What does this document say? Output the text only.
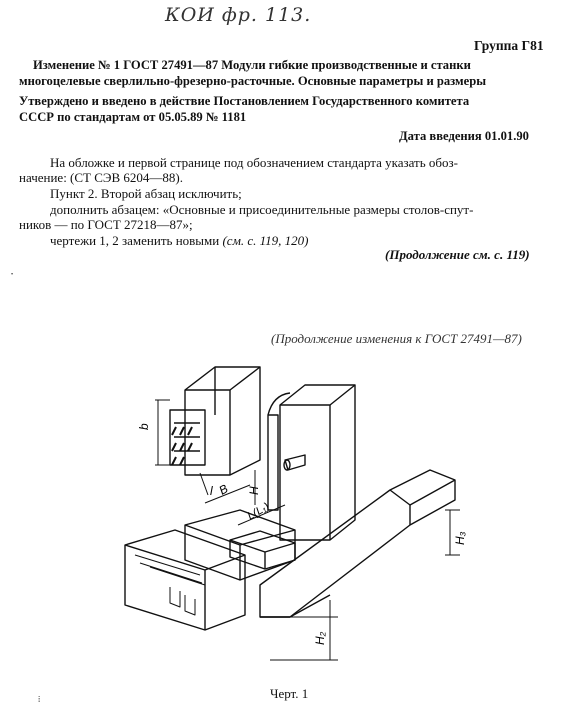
КОИ фр. 113.
Группа Г81
Изменение № 1 ГОСТ 27491—87 Модули гибкие производственные и станки
многоцелевые сверлильно-фрезерно-расточные. Основные параметры и размеры
Утверждено и введено в действие Постановлением Государственного комитета
СССР по стандартам от 05.05.89 № 1181
Дата введения 01.01.90
На обложке и первой странице под обозначением стандарта указать обоз-
начение: (СТ СЭВ 6204—88).
Пункт 2. Второй абзац исключить;
дополнить абзацем: «Основные и присоединительные размеры столов-спут-
ников — по ГОСТ 27218—87»;
чертежи 1, 2 заменить новыми (см. с. 119, 120)
(Продолжение см. с. 119)
•
(Продолжение изменения к ГОСТ 27491—87)
b
l B
L(L₁)
H
H₃
H₂
Черт. 1
⁞
